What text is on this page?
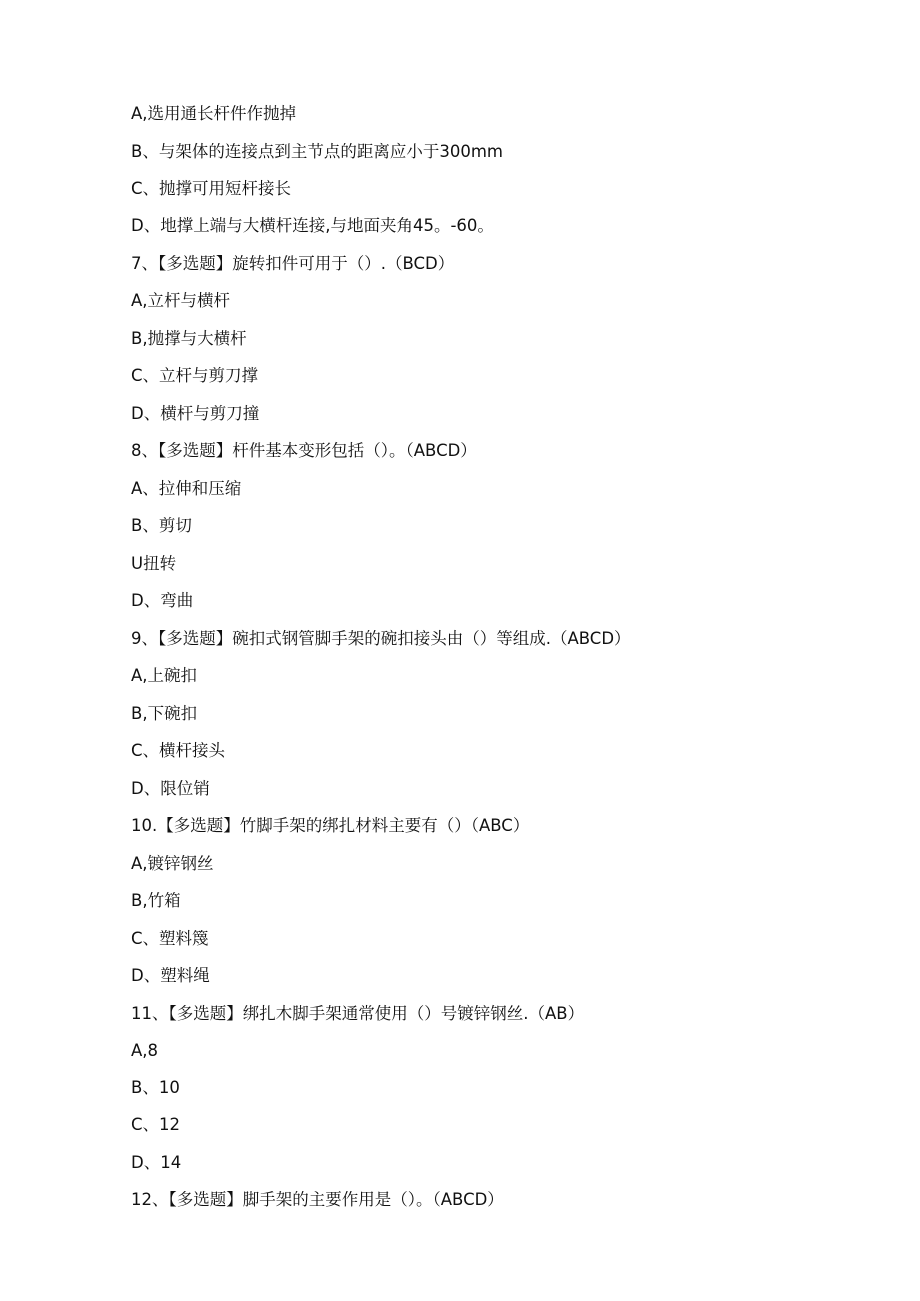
A,选用通长杆件作抛掉
B、与架体的连接点到主节点的距离应小于300mm
C、抛撑可用短杆接长
D、地撑上端与大横杆连接,与地面夹角45。-60。
7、【多选题】旋转扣件可用于（）.（BCD）
A,立杆与横杆
B,抛撑与大横杆
C、立杆与剪刀撑
D、横杆与剪刀撞
8、【多选题】杆件基本变形包括（）。（ABCD）
A、拉伸和压缩
B、剪切
U扭转
D、弯曲
9、【多选题】碗扣式钢管脚手架的碗扣接头由（）等组成.（ABCD）
A,上碗扣
B,下碗扣
C、横杆接头
D、限位销
10.【多选题】竹脚手架的绑扎材料主要有（）（ABC）
A,镀锌钢丝
B,竹箱
C、塑料篾
D、塑料绳
11、【多选题】绑扎木脚手架通常使用（）号镀锌钢丝.（AB）
A,8
B、10
C、12
D、14
12、【多选题】脚手架的主要作用是（）。（ABCD）
